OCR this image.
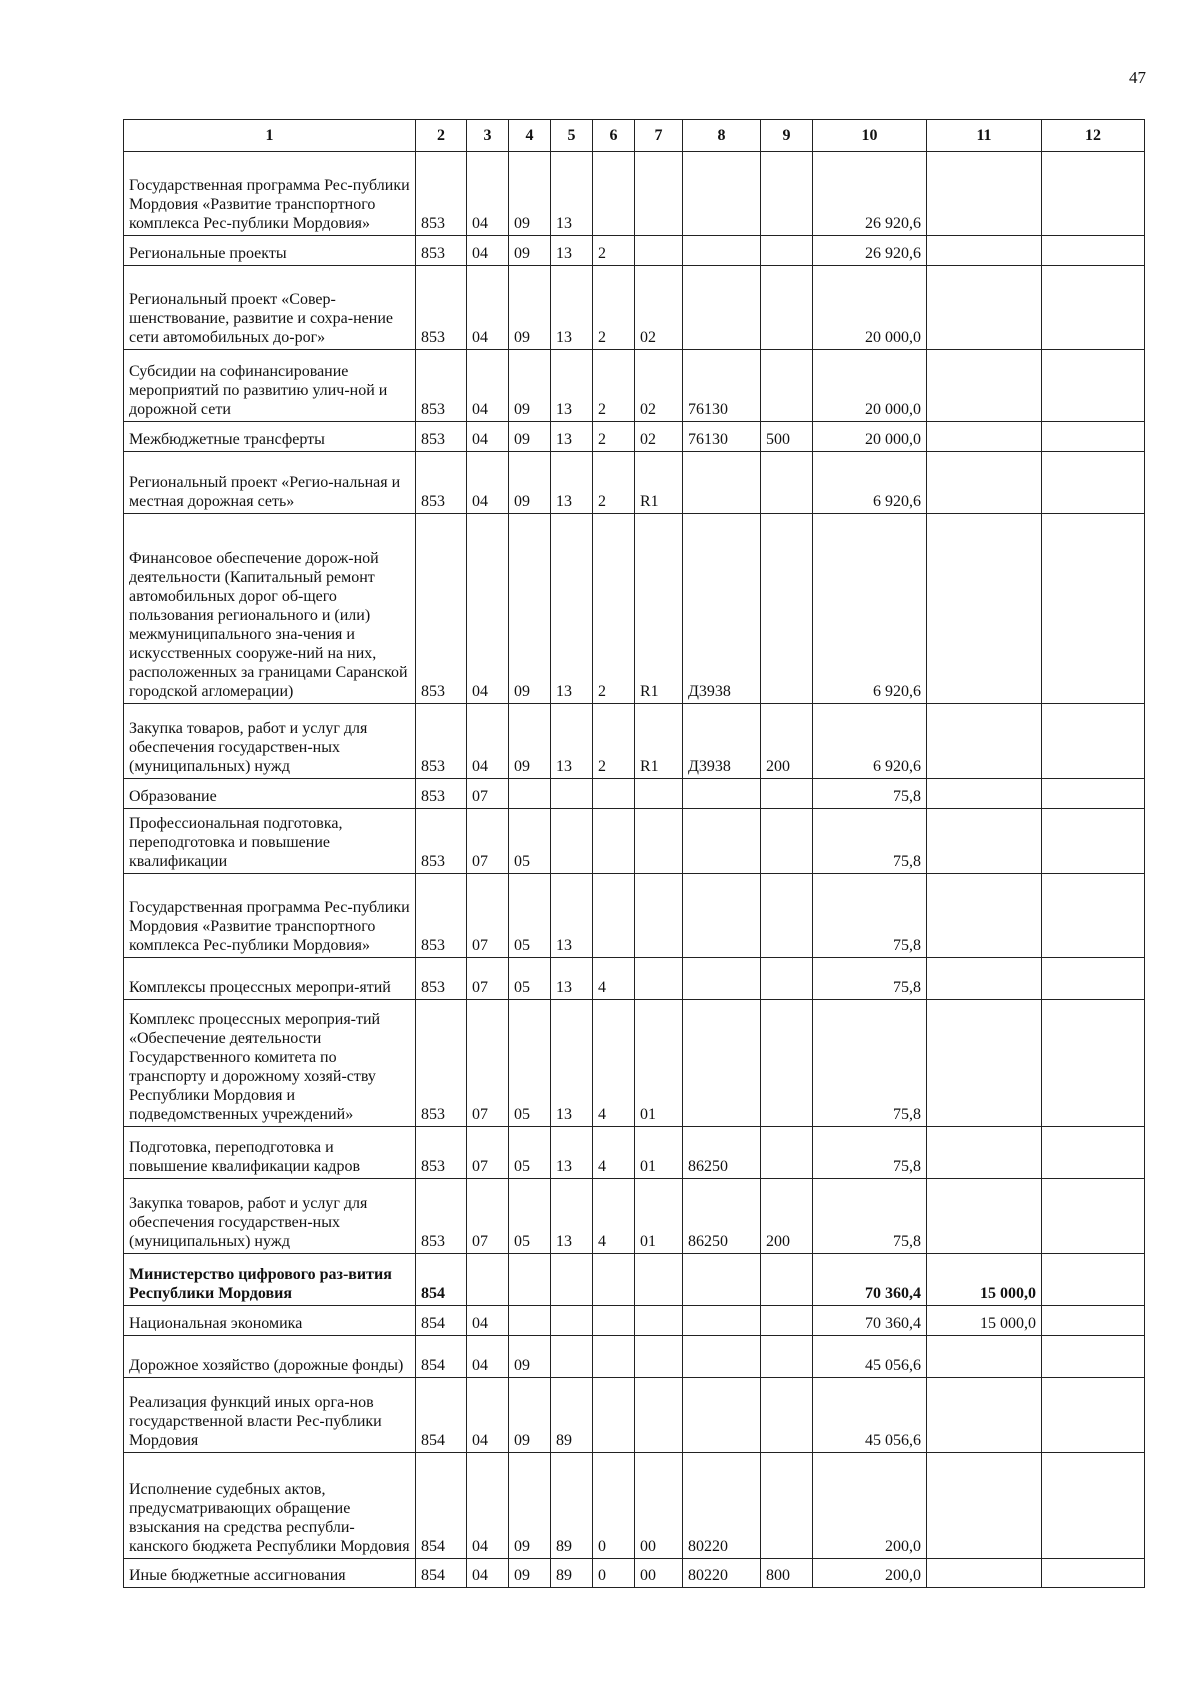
47
1	2	3	4	5	6	7	8	9	10	11	12
Государственная программа Рес-публики Мордовия «Развитие транспортного комплекса Рес-публики Мордовия»	853	04	09	13					26 920,6		
Региональные проекты	853	04	09	13	2				26 920,6		
Региональный проект «Совер-шенствование, развитие и сохра-нение сети автомобильных до-рог»	853	04	09	13	2	02			20 000,0		
Субсидии на софинансирование мероприятий по развитию улич-ной и дорожной сети	853	04	09	13	2	02	76130		20 000,0		
Межбюджетные трансферты	853	04	09	13	2	02	76130	500	20 000,0		
Региональный проект «Регио-нальная и местная дорожная сеть»	853	04	09	13	2	R1			6 920,6		
Финансовое обеспечение дорож-ной деятельности (Капитальный ремонт автомобильных дорог об-щего пользования регионального и (или) межмуниципального зна-чения и искусственных сооруже-ний на них, расположенных за границами Саранской городской агломерации)	853	04	09	13	2	R1	Д3938		6 920,6		
Закупка товаров, работ и услуг для обеспечения государствен-ных (муниципальных) нужд	853	04	09	13	2	R1	Д3938	200	6 920,6		
Образование	853	07							75,8		
Профессиональная подготовка, переподготовка и повышение квалификации	853	07	05						75,8		
Государственная программа Рес-публики Мордовия «Развитие транспортного комплекса Рес-публики Мордовия»	853	07	05	13					75,8		
Комплексы процессных меропри-ятий	853	07	05	13	4				75,8		
Комплекс процессных мероприя-тий «Обеспечение деятельности Государственного комитета по транспорту и дорожному хозяй-ству Республики Мордовия и подведомственных учреждений»	853	07	05	13	4	01			75,8		
Подготовка, переподготовка и повышение квалификации кадров	853	07	05	13	4	01	86250		75,8		
Закупка товаров, работ и услуг для обеспечения государствен-ных (муниципальных) нужд	853	07	05	13	4	01	86250	200	75,8		
Министерство цифрового раз-вития Республики Мордовия	854								70 360,4	15 000,0	
Национальная экономика	854	04							70 360,4	15 000,0	
Дорожное хозяйство (дорожные фонды)	854	04	09						45 056,6		
Реализация функций иных орга-нов государственной власти Рес-публики Мордовия	854	04	09	89					45 056,6		
Исполнение судебных актов, предусматривающих обращение взыскания на средства республи-канского бюджета Республики Мордовия	854	04	09	89	0	00	80220		200,0		
Иные бюджетные ассигнования	854	04	09	89	0	00	80220	800	200,0		
